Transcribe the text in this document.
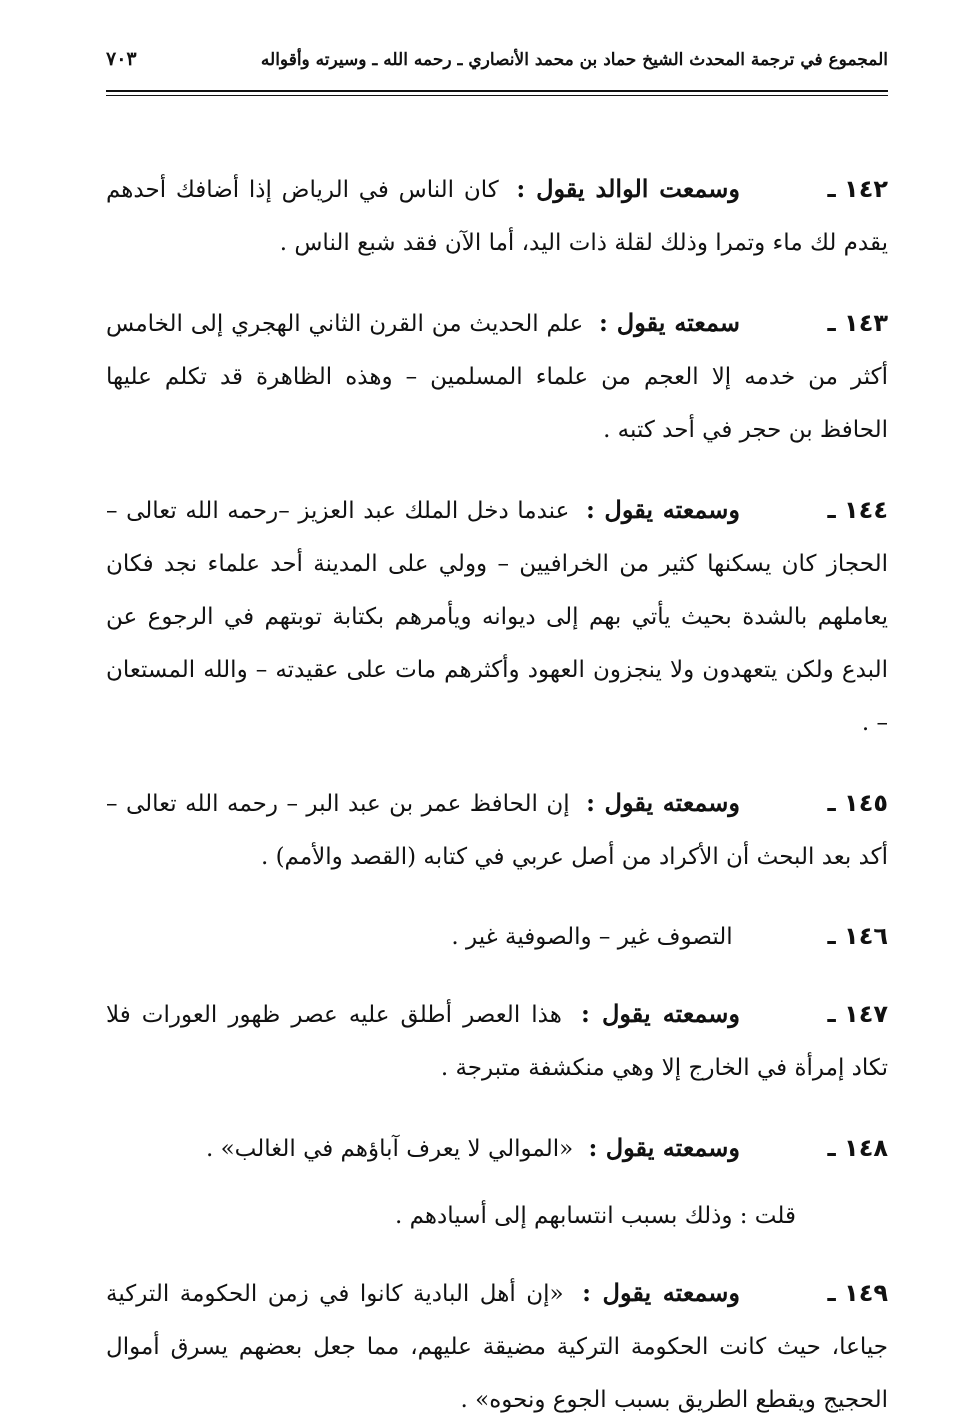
المجموع في ترجمة المحدث الشيخ حماد بن محمد الأنصاري ـ رحمه الله ـ وسيرته وأقواله
٧٠٣

١٤٢ ـوسمعت الوالد يقول : كان الناس في الرياض إذا أضافك أحدهم يقدم لك ماء وتمرا وذلك لقلة ذات اليد، أما الآن فقد شبع الناس .

١٤٣ ـسمعته يقول : علم الحديث من القرن الثاني الهجري إلى الخامس أكثر من خدمه إلا العجم من علماء المسلمين – وهذه الظاهرة قد تكلم عليها الحافظ بن حجر في أحد كتبه .

١٤٤ ـوسمعته يقول : عندما دخل الملك عبد العزيز –رحمه الله تعالى – الحجاز كان يسكنها كثير من الخرافيين – وولي على المدينة أحد علماء نجد فكان يعاملهم بالشدة بحيث يأتي بهم إلى ديوانه ويأمرهم بكتابة توبتهم في الرجوع عن البدع ولكن يتعهدون ولا ينجزون العهود وأكثرهم مات على عقيدته – والله المستعان – .

١٤٥ ـوسمعته يقول : إن الحافظ عمر بن عبد البر – رحمه الله تعالى – أكد بعد البحث أن الأكراد من أصل عربي في كتابه (القصد والأمم) .

١٤٦ ـ التصوف غير – والصوفية غير .

١٤٧ ـوسمعته يقول : هذا العصر أطلق عليه عصر ظهور العورات فلا تكاد إمرأة في الخارج إلا وهي منكشفة متبرجة .

١٤٨ ـوسمعته يقول : «الموالي لا يعرف آباؤهم في الغالب» .

قلت : وذلك بسبب انتسابهم إلى أسيادهم .

١٤٩ ـوسمعته يقول : «إن أهل البادية كانوا في زمن الحكومة التركية جياعا، حيث كانت الحكومة التركية مضيقة عليهم، مما جعل بعضهم يسرق أموال الحجيج ويقطع الطريق بسبب الجوع ونحوه» .
